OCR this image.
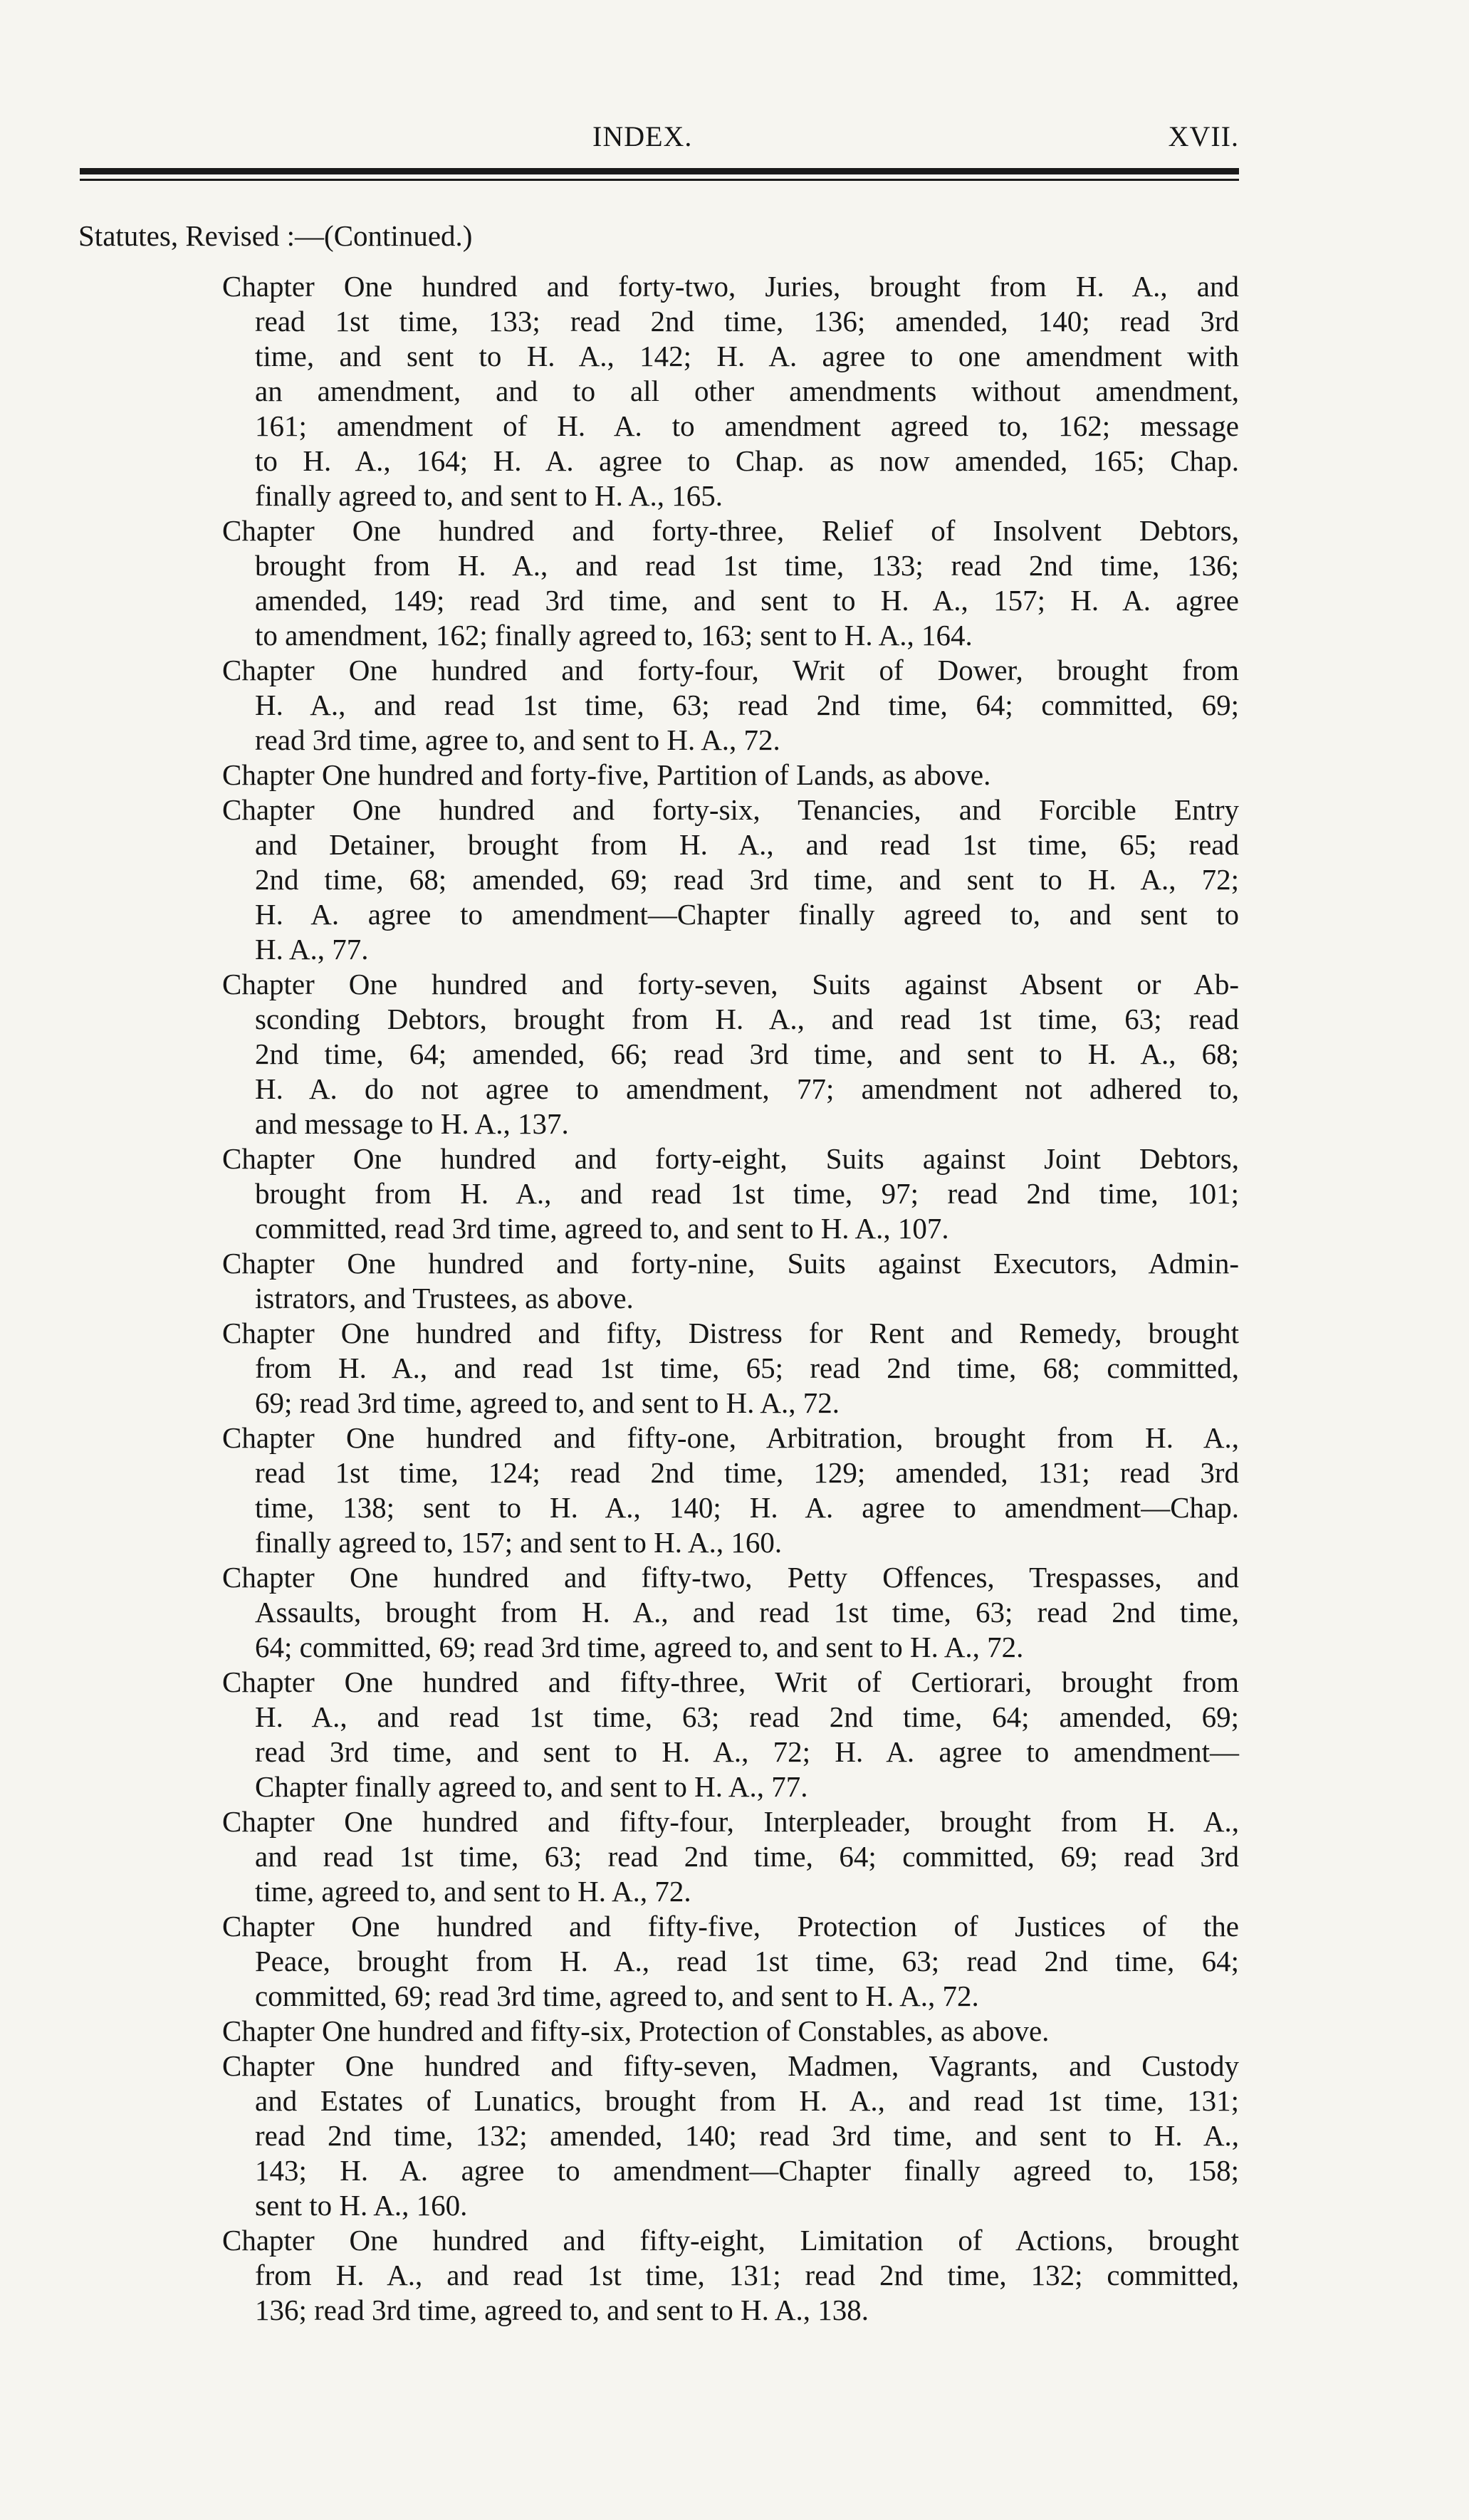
INDEX.	XVII.
Statutes, Revised :—(Continued.)
Chapter One hundred and forty-two, Juries, brought from H. A., and
read 1st time, 133; read 2nd time, 136; amended, 140; read 3rd
time, and sent to H. A., 142; H. A. agree to one amendment with
an amendment, and to all other amendments without amendment,
161; amendment of H. A. to amendment agreed to, 162; message
to H. A., 164; H. A. agree to Chap. as now amended, 165; Chap.
finally agreed to, and sent to H. A., 165.
Chapter One hundred and forty-three, Relief of Insolvent Debtors,
brought from H. A., and read 1st time, 133; read 2nd time, 136;
amended, 149; read 3rd time, and sent to H. A., 157; H. A. agree
to amendment, 162; finally agreed to, 163; sent to H. A., 164.
Chapter One hundred and forty-four, Writ of Dower, brought from
H. A., and read 1st time, 63; read 2nd time, 64; committed, 69;
read 3rd time, agree to, and sent to H. A., 72.
Chapter One hundred and forty-five, Partition of Lands, as above.
Chapter One hundred and forty-six, Tenancies, and Forcible Entry
and Detainer, brought from H. A., and read 1st time, 65; read
2nd time, 68; amended, 69; read 3rd time, and sent to H. A., 72;
H. A. agree to amendment—Chapter finally agreed to, and sent to
H. A., 77.
Chapter One hundred and forty-seven, Suits against Absent or Ab-
sconding Debtors, brought from H. A., and read 1st time, 63; read
2nd time, 64; amended, 66; read 3rd time, and sent to H. A., 68;
H. A. do not agree to amendment, 77; amendment not adhered to,
and message to H. A., 137.
Chapter One hundred and forty-eight, Suits against Joint Debtors,
brought from H. A., and read 1st time, 97; read 2nd time, 101;
committed, read 3rd time, agreed to, and sent to H. A., 107.
Chapter One hundred and forty-nine, Suits against Executors, Admin-
istrators, and Trustees, as above.
Chapter One hundred and fifty, Distress for Rent and Remedy, brought
from H. A., and read 1st time, 65; read 2nd time, 68; committed,
69; read 3rd time, agreed to, and sent to H. A., 72.
Chapter One hundred and fifty-one, Arbitration, brought from H. A.,
read 1st time, 124; read 2nd time, 129; amended, 131; read 3rd
time, 138; sent to H. A., 140; H. A. agree to amendment—Chap.
finally agreed to, 157; and sent to H. A., 160.
Chapter One hundred and fifty-two, Petty Offences, Trespasses, and
Assaults, brought from H. A., and read 1st time, 63; read 2nd time,
64; committed, 69; read 3rd time, agreed to, and sent to H. A., 72.
Chapter One hundred and fifty-three, Writ of Certiorari, brought from
H. A., and read 1st time, 63; read 2nd time, 64; amended, 69;
read 3rd time, and sent to H. A., 72; H. A. agree to amendment—
Chapter finally agreed to, and sent to H. A., 77.
Chapter One hundred and fifty-four, Interpleader, brought from H. A.,
and read 1st time, 63; read 2nd time, 64; committed, 69; read 3rd
time, agreed to, and sent to H. A., 72.
Chapter One hundred and fifty-five, Protection of Justices of the
Peace, brought from H. A., read 1st time, 63; read 2nd time, 64;
committed, 69; read 3rd time, agreed to, and sent to H. A., 72.
Chapter One hundred and fifty-six, Protection of Constables, as above.
Chapter One hundred and fifty-seven, Madmen, Vagrants, and Custody
and Estates of Lunatics, brought from H. A., and read 1st time, 131;
read 2nd time, 132; amended, 140; read 3rd time, and sent to H. A.,
143; H. A. agree to amendment—Chapter finally agreed to, 158;
sent to H. A., 160.
Chapter One hundred and fifty-eight, Limitation of Actions, brought
from H. A., and read 1st time, 131; read 2nd time, 132; committed,
136; read 3rd time, agreed to, and sent to H. A., 138.
